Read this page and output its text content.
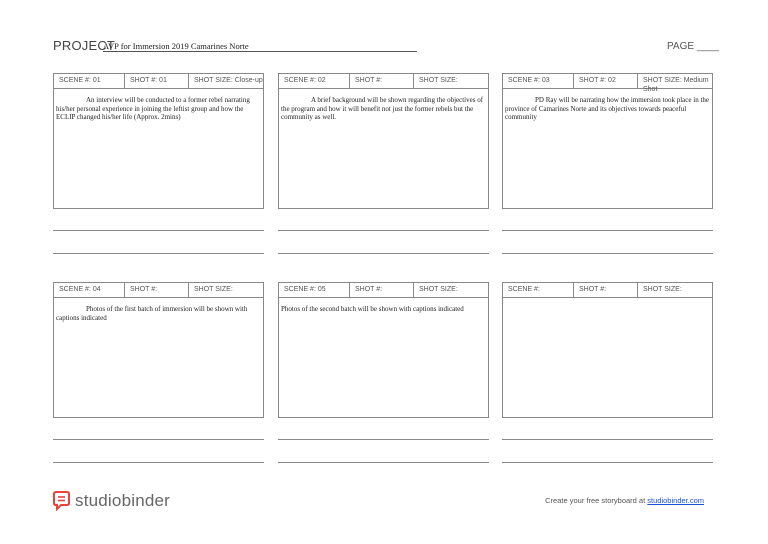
PROJECT
AVP for Immersion 2019 Camarines Norte	PAGE ____
SCENE #: 01	SHOT #: 01	SHOT SIZE: Close-up
An interview will be conducted to a former rebel narrating his/her personal experience in joining the leftist group and how the ECLIP changed his/her life (Approx. 2mins)
SCENE #: 02	SHOT #:	SHOT SIZE:
A brief background will be shown regarding the objectives of the program and how it will benefit not just the former rebels but the community as well.
SCENE #: 03	SHOT #: 02	SHOT SIZE: Medium Shot
PD Ray will be narrating how the immersion took place in the province of Camarines Norte and its objectives towards peaceful community
SCENE #: 04	SHOT #:	SHOT SIZE:
Photos of the first batch of immersion will be shown with captions indicated
SCENE #: 05	SHOT #:	SHOT SIZE:
Photos of the second batch will be shown with captions indicated
SCENE #:	SHOT #:	SHOT SIZE:
studiobinder	Create your free storyboard at studiobinder.com
